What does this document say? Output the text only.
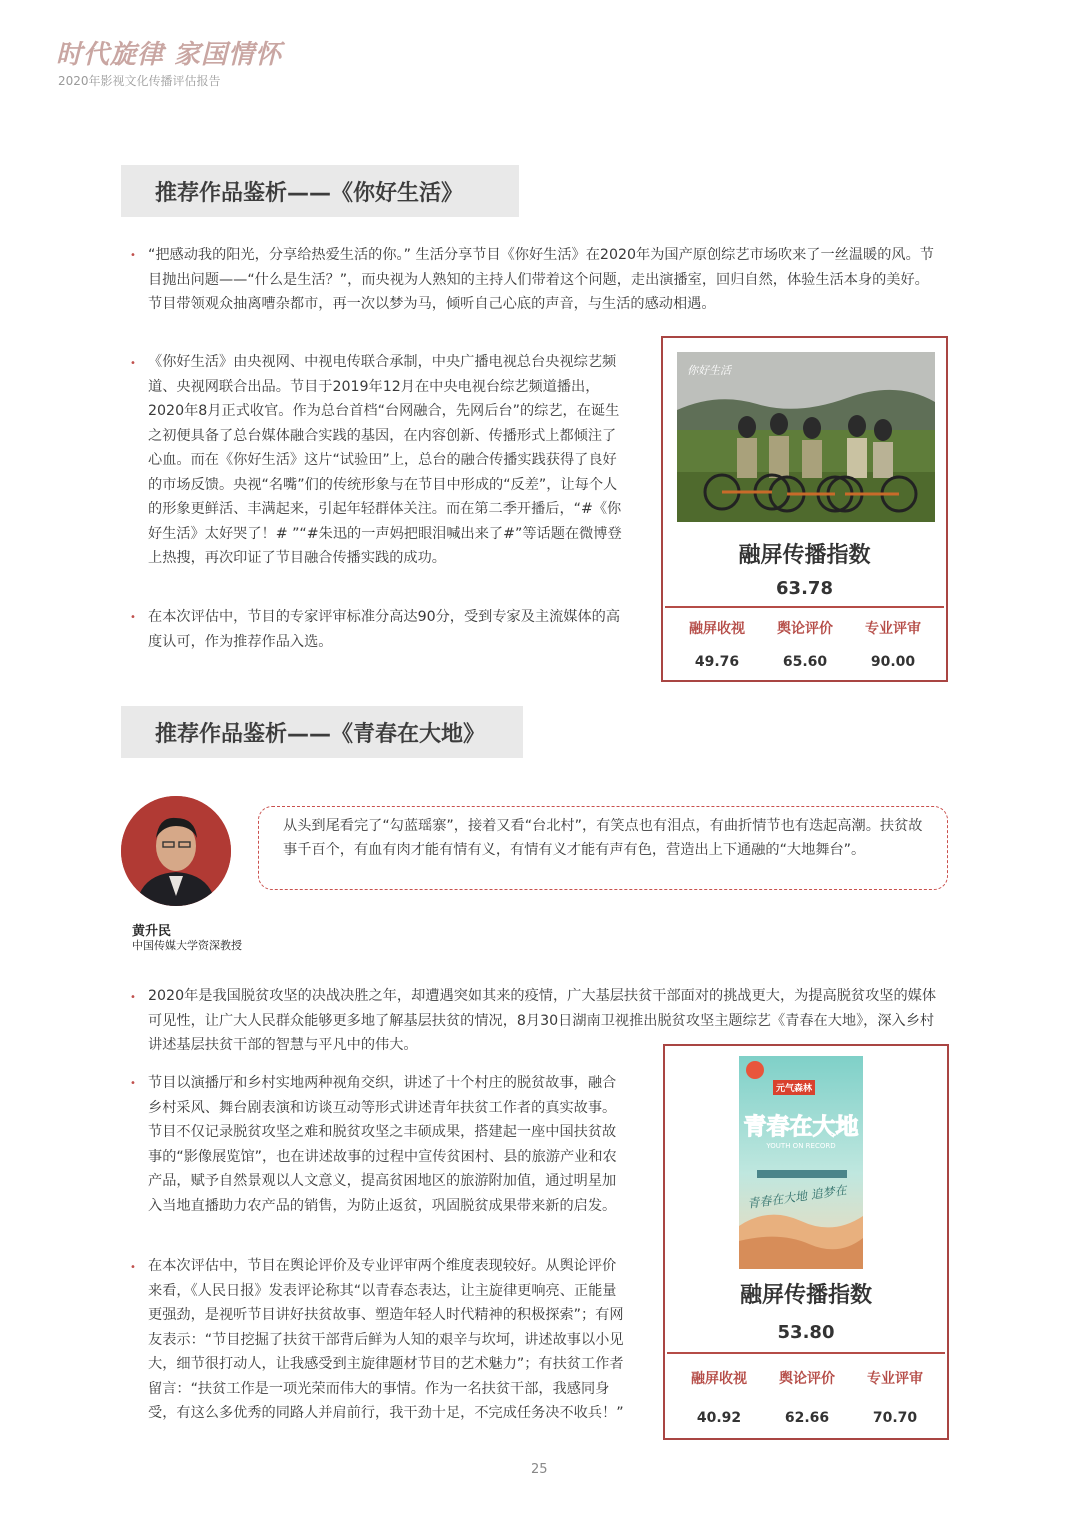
时代旋律 家国情怀
2020年影视文化传播评估报告
推荐作品鉴析——《你好生活》
• “把感动我的阳光，分享给热爱生活的你。” 生活分享节目《你好生活》在2020年为国产原创综艺市场吹来了一丝温暖的风。节目抛出问题——“什么是生活？”，而央视为人熟知的主持人们带着这个问题，走出演播室，回归自然，体验生活本身的美好。节目带领观众抽离嘈杂都市，再一次以梦为马，倾听自己心底的声音，与生活的感动相遇。
• 《你好生活》由央视网、中视电传联合承制，中央广播电视总台央视综艺频道、央视网联合出品。节目于2019年12月在中央电视台综艺频道播出，2020年8月正式收官。作为总台首档“台网融合，先网后台”的综艺，在诞生之初便具备了总台媒体融合实践的基因，在内容创新、传播形式上都倾注了心血。而在《你好生活》这片“试验田”上，总台的融合传播实践获得了良好的市场反馈。央视“名嘴”们的传统形象与在节目中形成的“反差”，让每个人的形象更鲜活、丰满起来，引起年轻群体关注。而在第二季开播后，“#《你好生活》太好哭了！# ”“#朱迅的一声妈把眼泪喊出来了#”等话题在微博登上热搜，再次印证了节目融合传播实践的成功。
• 在本次评估中，节目的专家评审标准分高达90分，受到专家及主流媒体的高度认可，作为推荐作品入选。
你好生活
融屏传播指数
63.78
融屏收视	舆论评价	专业评审
49.76	65.60	90.00
推荐作品鉴析——《青春在大地》
黄升民
中国传媒大学资深教授
从头到尾看完了“勾蓝瑶寨”，接着又看“台北村”，有笑点也有泪点，有曲折情节也有迭起高潮。扶贫故事千百个，有血有肉才能有情有义，有情有义才能有声有色，营造出上下通融的“大地舞台”。
• 2020年是我国脱贫攻坚的决战决胜之年，却遭遇突如其来的疫情，广大基层扶贫干部面对的挑战更大，为提高脱贫攻坚的媒体可见性，让广大人民群众能够更多地了解基层扶贫的情况，8月30日湖南卫视推出脱贫攻坚主题综艺《青春在大地》，深入乡村讲述基层扶贫干部的智慧与平凡中的伟大。
• 节目以演播厅和乡村实地两种视角交织，讲述了十个村庄的脱贫故事，融合乡村采风、舞台剧表演和访谈互动等形式讲述青年扶贫工作者的真实故事。节目不仅记录脱贫攻坚之难和脱贫攻坚之丰硕成果，搭建起一座中国扶贫故事的“影像展览馆”，也在讲述故事的过程中宣传贫困村、县的旅游产业和农产品，赋予自然景观以人文意义，提高贫困地区的旅游附加值，通过明星加入当地直播助力农产品的销售，为防止返贫，巩固脱贫成果带来新的启发。
• 在本次评估中，节目在舆论评价及专业评审两个维度表现较好。从舆论评价来看，《人民日报》发表评论称其“以青春态表达，让主旋律更响亮、正能量更强劲，是视听节目讲好扶贫故事、塑造年轻人时代精神的积极探索”；有网友表示：“节目挖掘了扶贫干部背后鲜为人知的艰辛与坎坷，讲述故事以小见大，细节很打动人，让我感受到主旋律题材节目的艺术魅力”；有扶贫工作者留言：“扶贫工作是一项光荣而伟大的事情。作为一名扶贫干部，我感同身受，有这么多优秀的同路人并肩前行，我干劲十足，不完成任务决不收兵！”
元气森林
青春在大地
YOUTH ON RECORD
青春在大地 追梦在
融屏传播指数
53.80
融屏收视	舆论评价	专业评审
40.92	62.66	70.70
25
